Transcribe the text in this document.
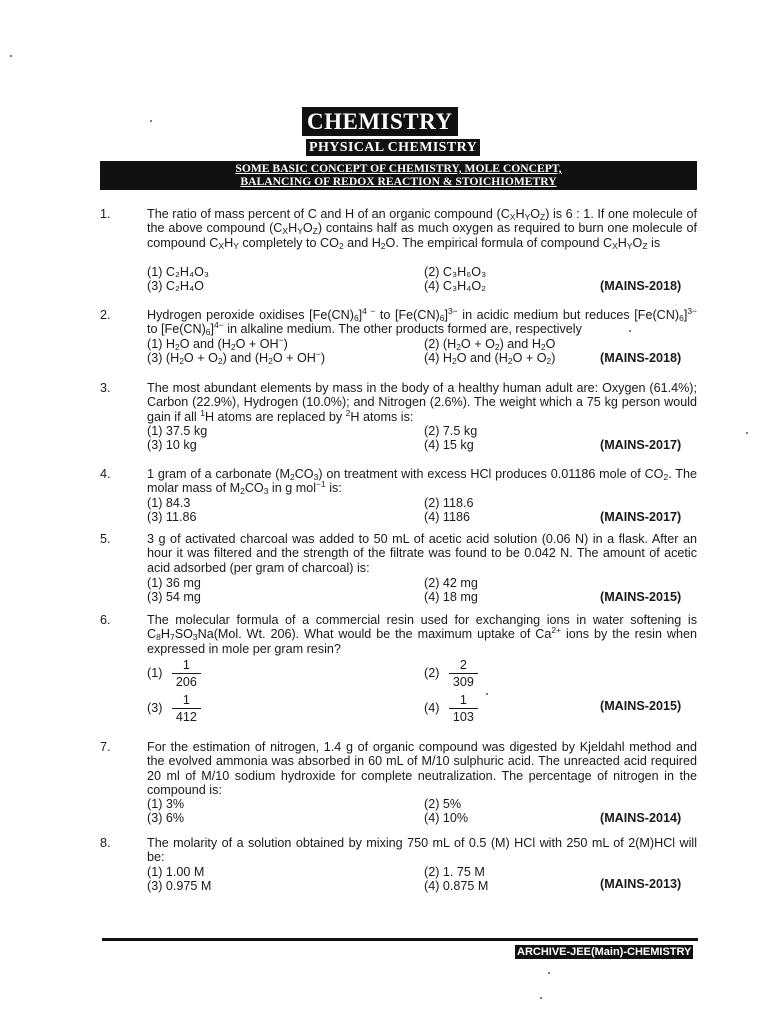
CHEMISTRY
PHYSICAL CHEMISTRY
SOME BASIC CONCEPT OF CHEMISTRY, MOLE CONCEPT,
BALANCING OF REDOX REACTION & STOICHIOMETRY
1.	The ratio of mass percent of C and H of an organic compound $(C_XH_YO_Z)$ is 6 : 1. If one molecule of the above compound $(C_XH_YO_Z)$ contains half as much oxygen as required to burn one molecule of compound $C_XH_Y$ completely to $CO_2$ and $H_2O$. The empirical formula of compound $C_XH_YO_Z$ is

(1) C₂H₄O₃	(2) C₃H₆O₃
(3) C₂H₄O	(4) C₃H₄O₂	(MAINS-2018)
2.	Hydrogen peroxide oxidises $[Fe(CN)_6]^{4 -}$ to $[Fe(CN)_6]^{3-}$ in acidic medium but reduces $[Fe(CN)_6]^{3-}$ to $[Fe(CN)_6]^{4-}$ in alkaline medium. The other products formed are, respectively

(1) $H_2O$ and $(H_2O + OH^-)$	(2) $(H_2O + O_2)$ and $H_2O$
(3) $(H_2O + O_2)$ and $(H_2O + OH^-)$	(4) $H_2O$ and $(H_2O + O_2)$	(MAINS-2018)
3.	The most abundant elements by mass in the body of a healthy human adult are: Oxygen (61.4%); Carbon (22.9%), Hydrogen (10.0%); and Nitrogen (2.6%). The weight which a 75 kg person would gain if all $^1$H atoms are replaced by $^2$H atoms is:

(1) 37.5 kg	(2) 7.5 kg
(3) 10 kg	(4) 15 kg	(MAINS-2017)
4.	1 gram of a carbonate $(M_2CO_3)$ on treatment with excess HCl produces 0.01186 mole of $CO_2$. The molar mass of $M_2CO_3$ in g mol$^{-1}$ is:

(1) 84.3	(2) 118.6
(3) 11.86	(4) 1186	(MAINS-2017)
5.	3 g of activated charcoal was added to 50 mL of acetic acid solution (0.06 N) in a flask. After an hour it was filtered and the strength of the filtrate was found to be 0.042 N. The amount of acetic acid adsorbed (per gram of charcoal) is:
(1) 36 mg	(2) 42 mg
(3) 54 mg	(4) 18 mg	(MAINS-2015)
6.	The molecular formula of a commercial resin used for exchanging ions in water softening is $C_8H_7SO_3Na(Mol$. Wt. 206). What would be the maximum uptake of $Ca^{2+}$ ions by the resin when expressed in mole per gram resin?

$(1) \frac{1}{206}$	$(2) \frac{2}{309}$
$(3) \frac{1}{412}$	$(4) \frac{1}{103}$	(MAINS-2015)
7.	For the estimation of nitrogen, 1.4 g of organic compound was digested by Kjeldahl method and the evolved ammonia was absorbed in 60 mL of M/10 sulphuric acid. The unreacted acid required 20 ml of M/10 sodium hydroxide for complete neutralization. The percentage of nitrogen in the compound is:
(1) 3%	(2) 5%
(3) 6%	(4) 10%	(MAINS-2014)
8.	The molarity of a solution obtained by mixing 750 mL of 0.5 (M) HCl with 250 mL of 2(M)HCl will be:
(1) 1.00 M	(2) 1. 75 M
(3) 0.975 M	(4) 0.875 M	(MAINS-2013)
ARCHIVE-JEE(Main)-CHEMISTRY
